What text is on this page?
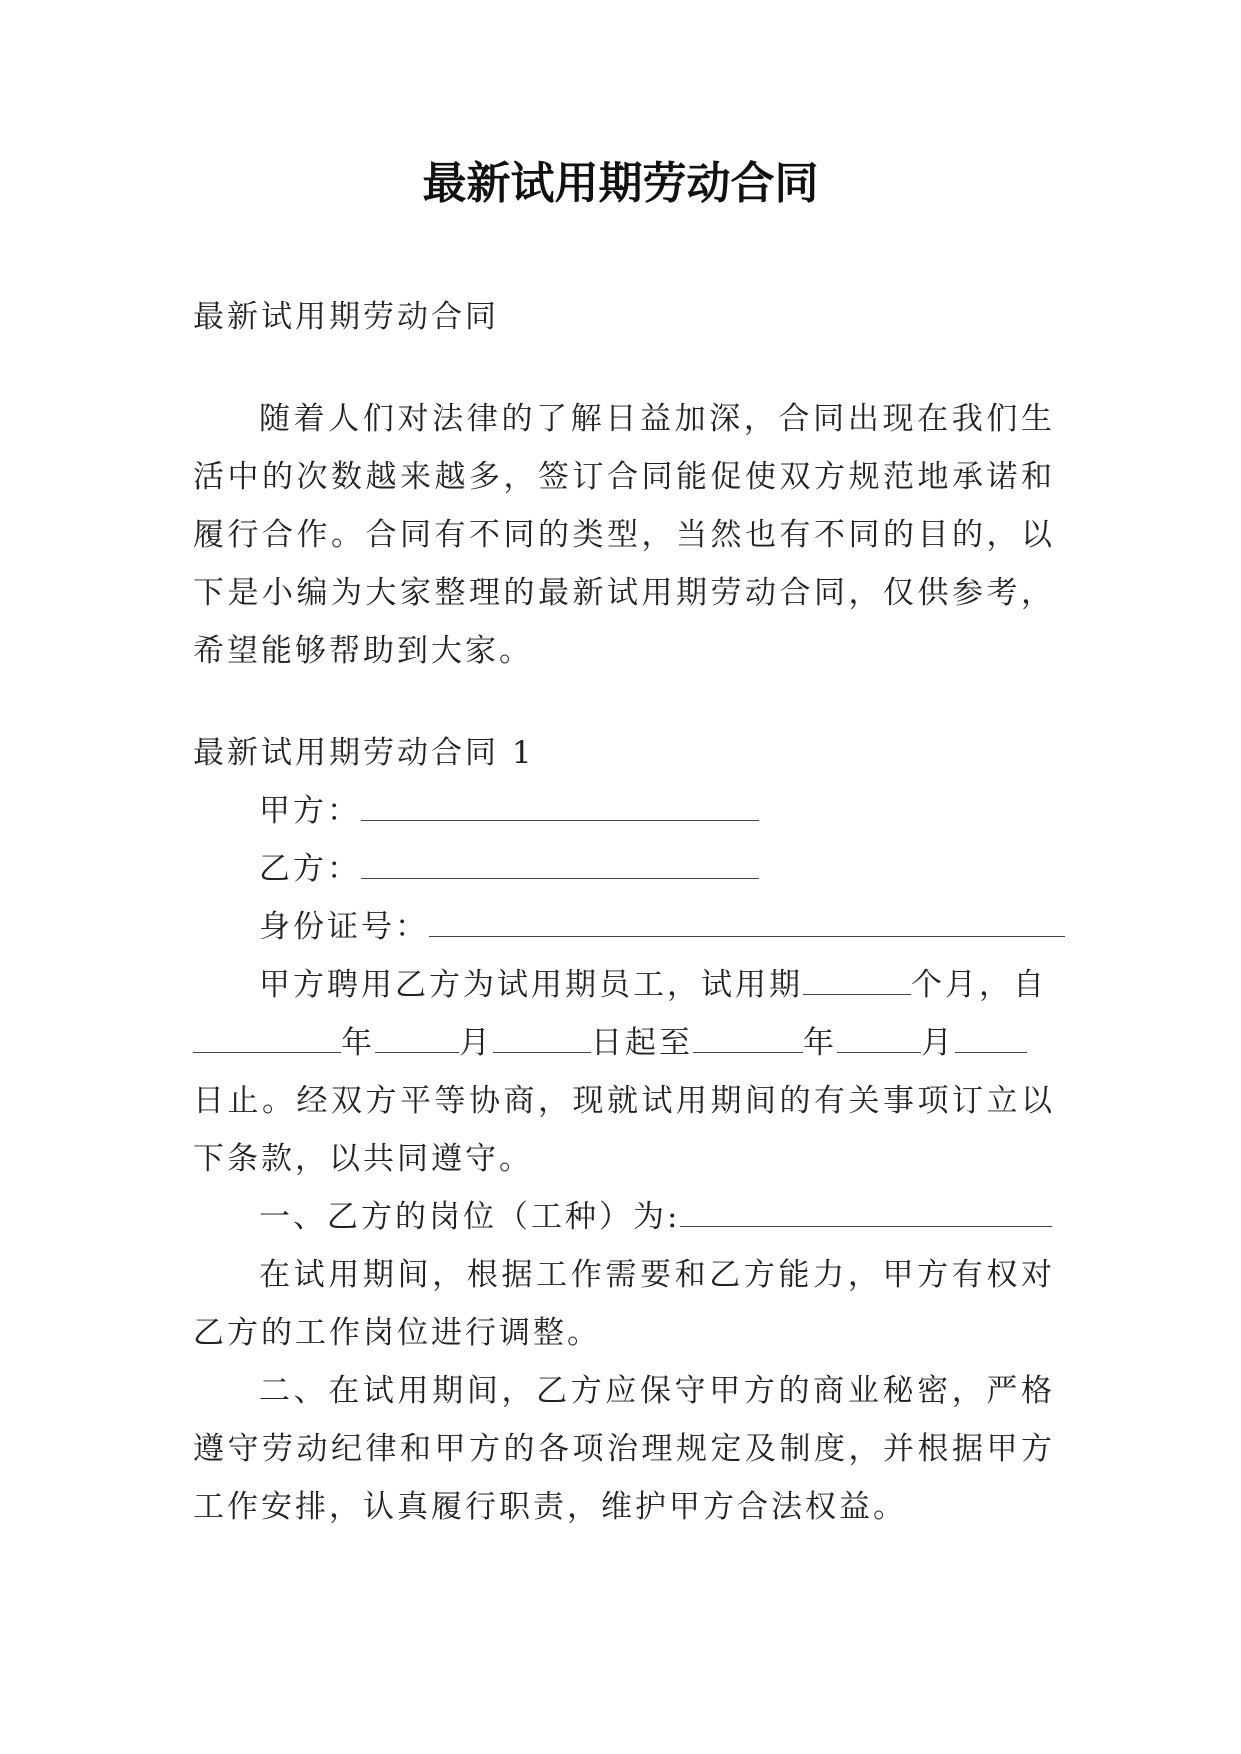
最新试用期劳动合同

最新试用期劳动合同

随着人们对法律的了解日益加深，合同出现在我们生活中的次数越来越多，签订合同能促使双方规范地承诺和履行合作。合同有不同的类型，当然也有不同的目的，以下是小编为大家整理的最新试用期劳动合同，仅供参考，希望能够帮助到大家。

最新试用期劳动合同 1

甲方：

乙方：

身份证号：

甲方聘用乙方为试用期员工，试用期	个月，自

年	月	日起至	年	月

日止。经双方平等协商，现就试用期间的有关事项订立以下条款，以共同遵守。

一、乙方的岗位（工种）为:

在试用期间，根据工作需要和乙方能力，甲方有权对乙方的工作岗位进行调整。

二、在试用期间，乙方应保守甲方的商业秘密，严格遵守劳动纪律和甲方的各项治理规定及制度，并根据甲方工作安排，认真履行职责，维护甲方合法权益。
